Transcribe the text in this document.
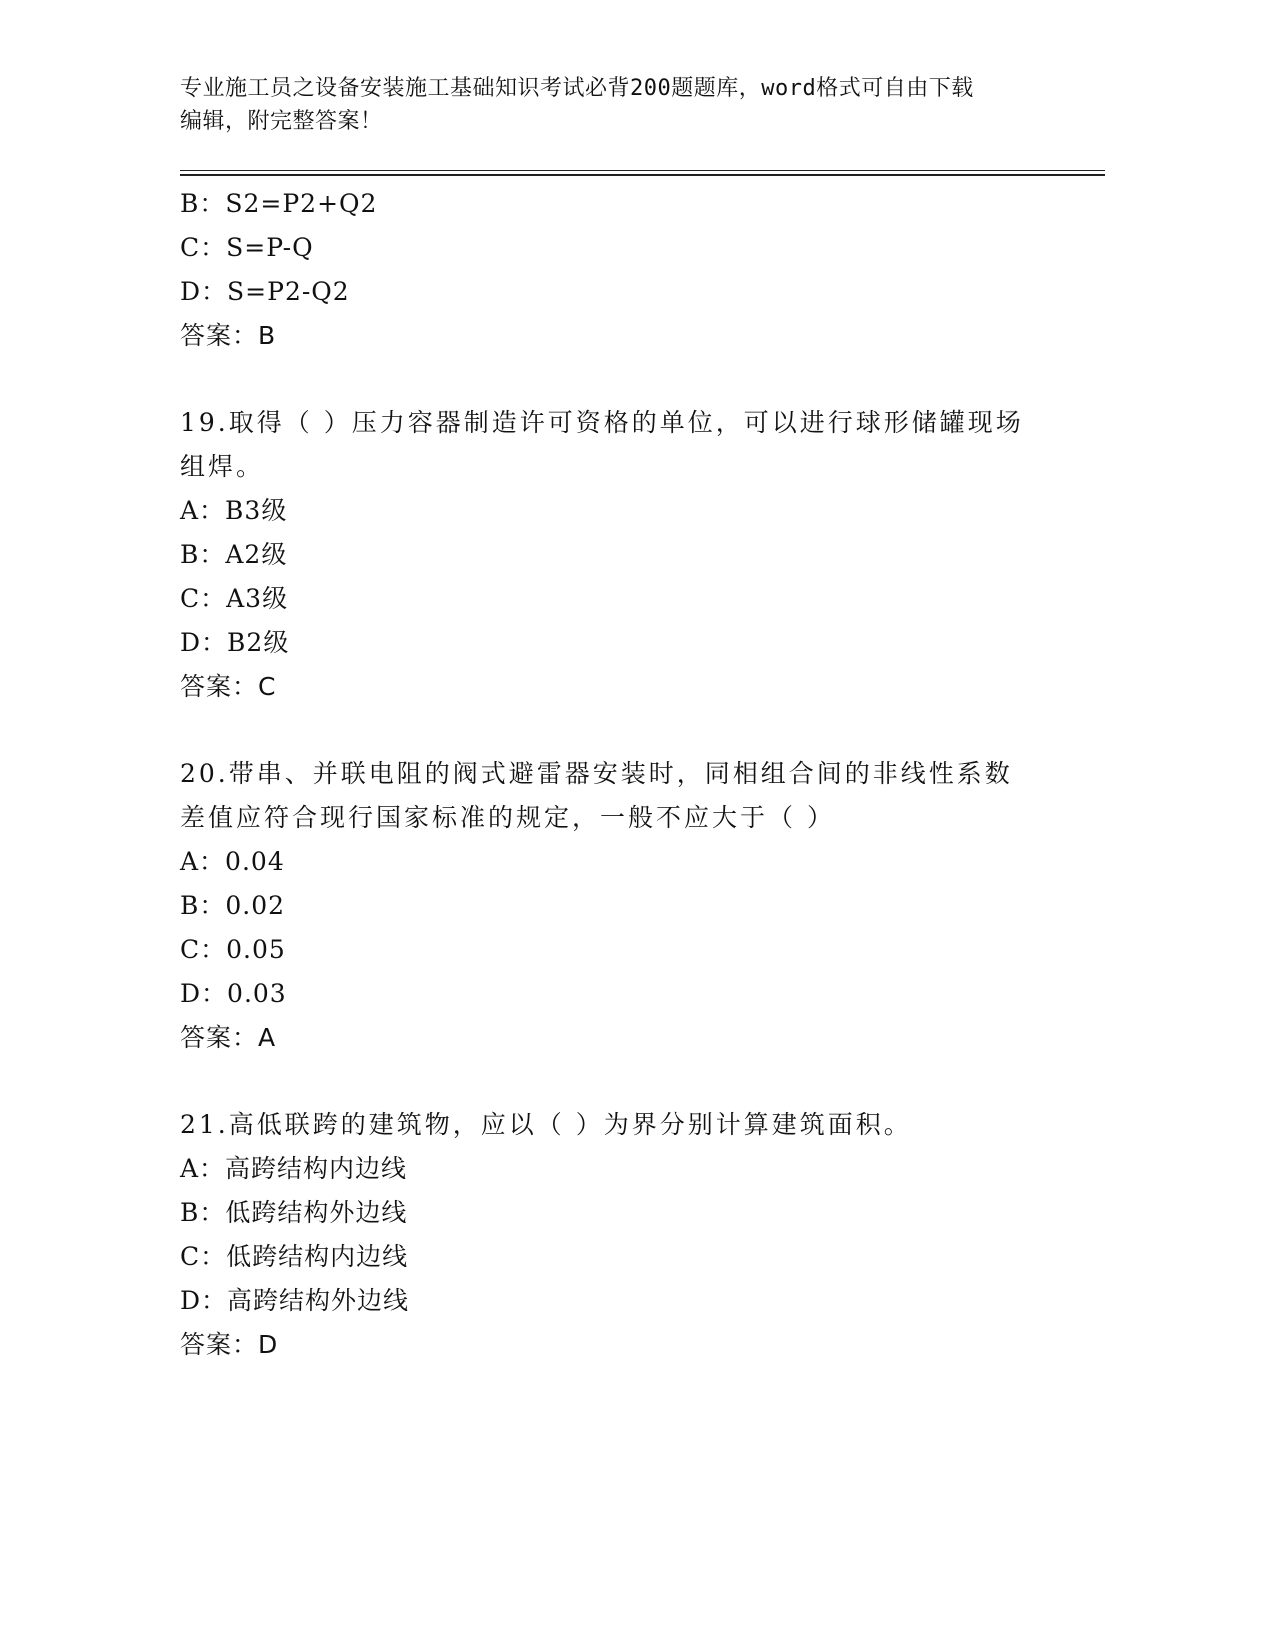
专业施工员之设备安装施工基础知识考试必背200题题库，word格式可自由下载
编辑，附完整答案！
B：S2=P2+Q2
C：S=P-Q
D：S=P2-Q2
答案：B
19.取得（ ）压力容器制造许可资格的单位，可以进行球形储罐现场组焊。
A：B3级
B：A2级
C：A3级
D：B2级
答案：C
20.带串、并联电阻的阀式避雷器安装时，同相组合间的非线性系数差值应符合现行国家标准的规定，一般不应大于（ ）
A：0.04
B：0.02
C：0.05
D：0.03
答案：A
21.高低联跨的建筑物，应以（ ）为界分别计算建筑面积。
A：高跨结构内边线
B：低跨结构外边线
C：低跨结构内边线
D：高跨结构外边线
答案：D
